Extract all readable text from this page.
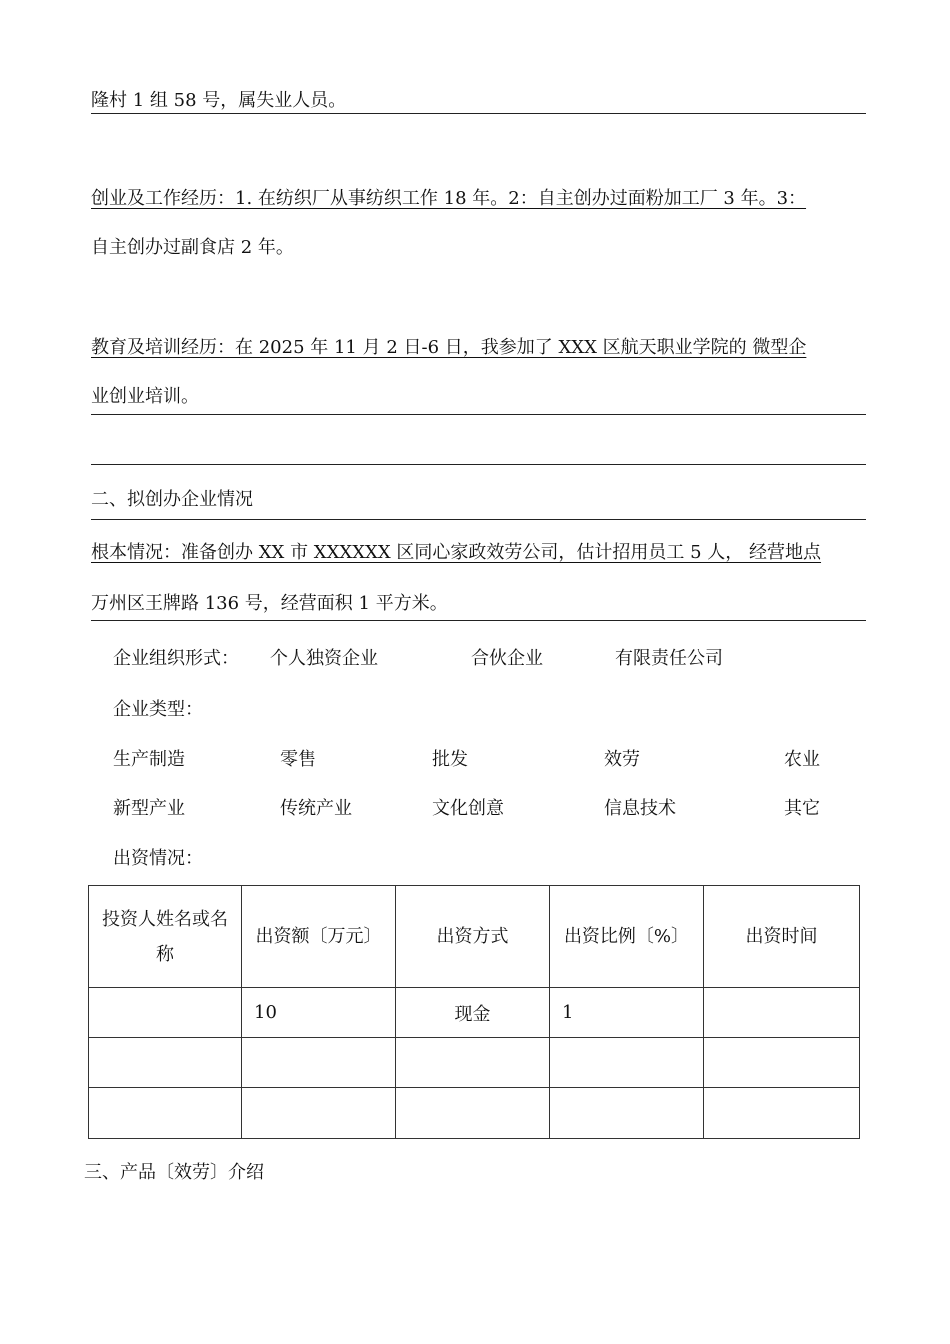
隆村 1 组 58 号，属失业人员。
创业及工作经历：1. 在纺织厂从事纺织工作 18 年。2：自主创办过面粉加工厂 3 年。3：
自主创办过副食店 2 年。
教育及培训经历：在 2025 年 11 月 2 日-6 日，我参加了 XXX 区航天职业学院的 微型企
业创业培训。
二、拟创办企业情况
根本情况：准备创办 XX 市 XXXXXX 区同心家政效劳公司，估计招用员工 5 人， 经营地点
万州区王牌路 136 号，经营面积 1 平方米。
企业组织形式： 个人独资企业	合伙企业	有限责任公司
企业类型：
生产制造	零售	批发	效劳	农业
新型产业	传统产业	文化创意	信息技术	其它
出资情况：
投资人姓名或名称	出资额〔万元〕	出资方式	出资比例〔%〕	出资时间
	10	现金	1	

三、产品〔效劳〕介绍
